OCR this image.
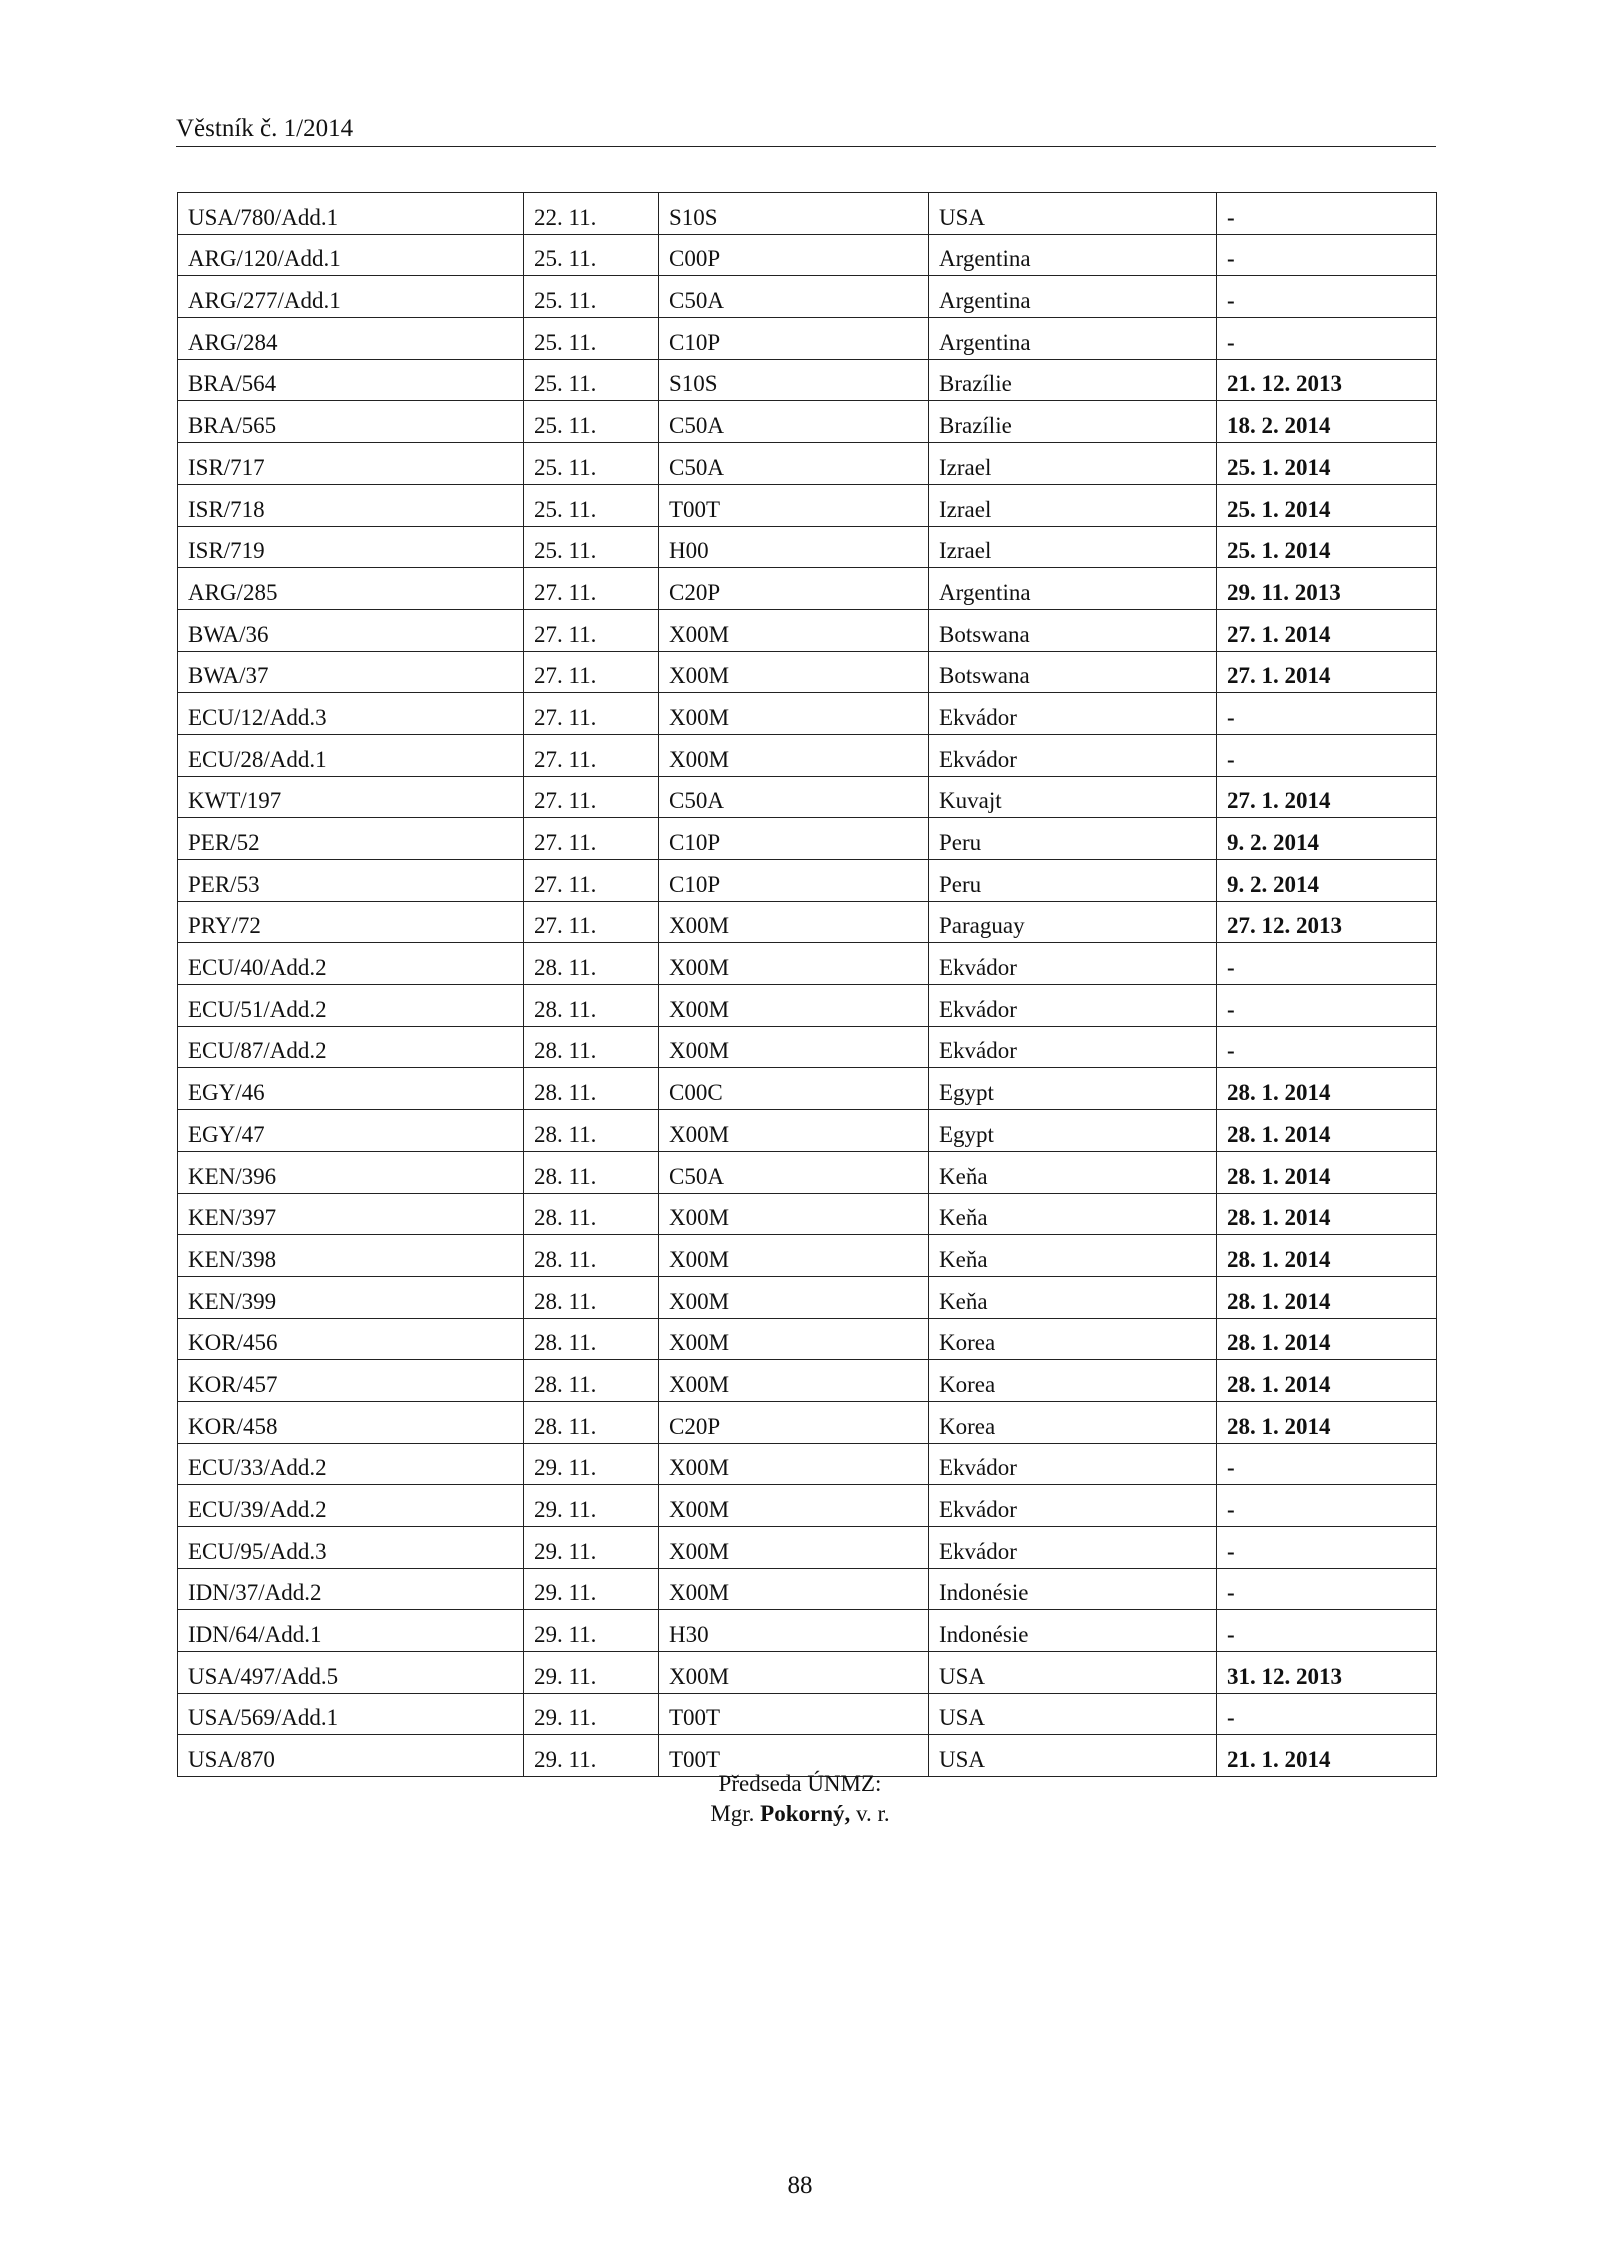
Věstník č. 1/2014
USA/780/Add.1	22. 11.	S10S	USA	-
ARG/120/Add.1	25. 11.	C00P	Argentina	-
ARG/277/Add.1	25. 11.	C50A	Argentina	-
ARG/284	25. 11.	C10P	Argentina	-
BRA/564	25. 11.	S10S	Brazílie	21. 12. 2013
BRA/565	25. 11.	C50A	Brazílie	18. 2. 2014
ISR/717	25. 11.	C50A	Izrael	25. 1. 2014
ISR/718	25. 11.	T00T	Izrael	25. 1. 2014
ISR/719	25. 11.	H00	Izrael	25. 1. 2014
ARG/285	27. 11.	C20P	Argentina	29. 11. 2013
BWA/36	27. 11.	X00M	Botswana	27. 1. 2014
BWA/37	27. 11.	X00M	Botswana	27. 1. 2014
ECU/12/Add.3	27. 11.	X00M	Ekvádor	-
ECU/28/Add.1	27. 11.	X00M	Ekvádor	-
KWT/197	27. 11.	C50A	Kuvajt	27. 1. 2014
PER/52	27. 11.	C10P	Peru	9. 2. 2014
PER/53	27. 11.	C10P	Peru	9. 2. 2014
PRY/72	27. 11.	X00M	Paraguay	27. 12. 2013
ECU/40/Add.2	28. 11.	X00M	Ekvádor	-
ECU/51/Add.2	28. 11.	X00M	Ekvádor	-
ECU/87/Add.2	28. 11.	X00M	Ekvádor	-
EGY/46	28. 11.	C00C	Egypt	28. 1. 2014
EGY/47	28. 11.	X00M	Egypt	28. 1. 2014
KEN/396	28. 11.	C50A	Keňa	28. 1. 2014
KEN/397	28. 11.	X00M	Keňa	28. 1. 2014
KEN/398	28. 11.	X00M	Keňa	28. 1. 2014
KEN/399	28. 11.	X00M	Keňa	28. 1. 2014
KOR/456	28. 11.	X00M	Korea	28. 1. 2014
KOR/457	28. 11.	X00M	Korea	28. 1. 2014
KOR/458	28. 11.	C20P	Korea	28. 1. 2014
ECU/33/Add.2	29. 11.	X00M	Ekvádor	-
ECU/39/Add.2	29. 11.	X00M	Ekvádor	-
ECU/95/Add.3	29. 11.	X00M	Ekvádor	-
IDN/37/Add.2	29. 11.	X00M	Indonésie	-
IDN/64/Add.1	29. 11.	H30	Indonésie	-
USA/497/Add.5	29. 11.	X00M	USA	31. 12. 2013
USA/569/Add.1	29. 11.	T00T	USA	-
USA/870	29. 11.	T00T	USA	21. 1. 2014
Předseda ÚNMZ:
Mgr. Pokorný, v. r.
88
